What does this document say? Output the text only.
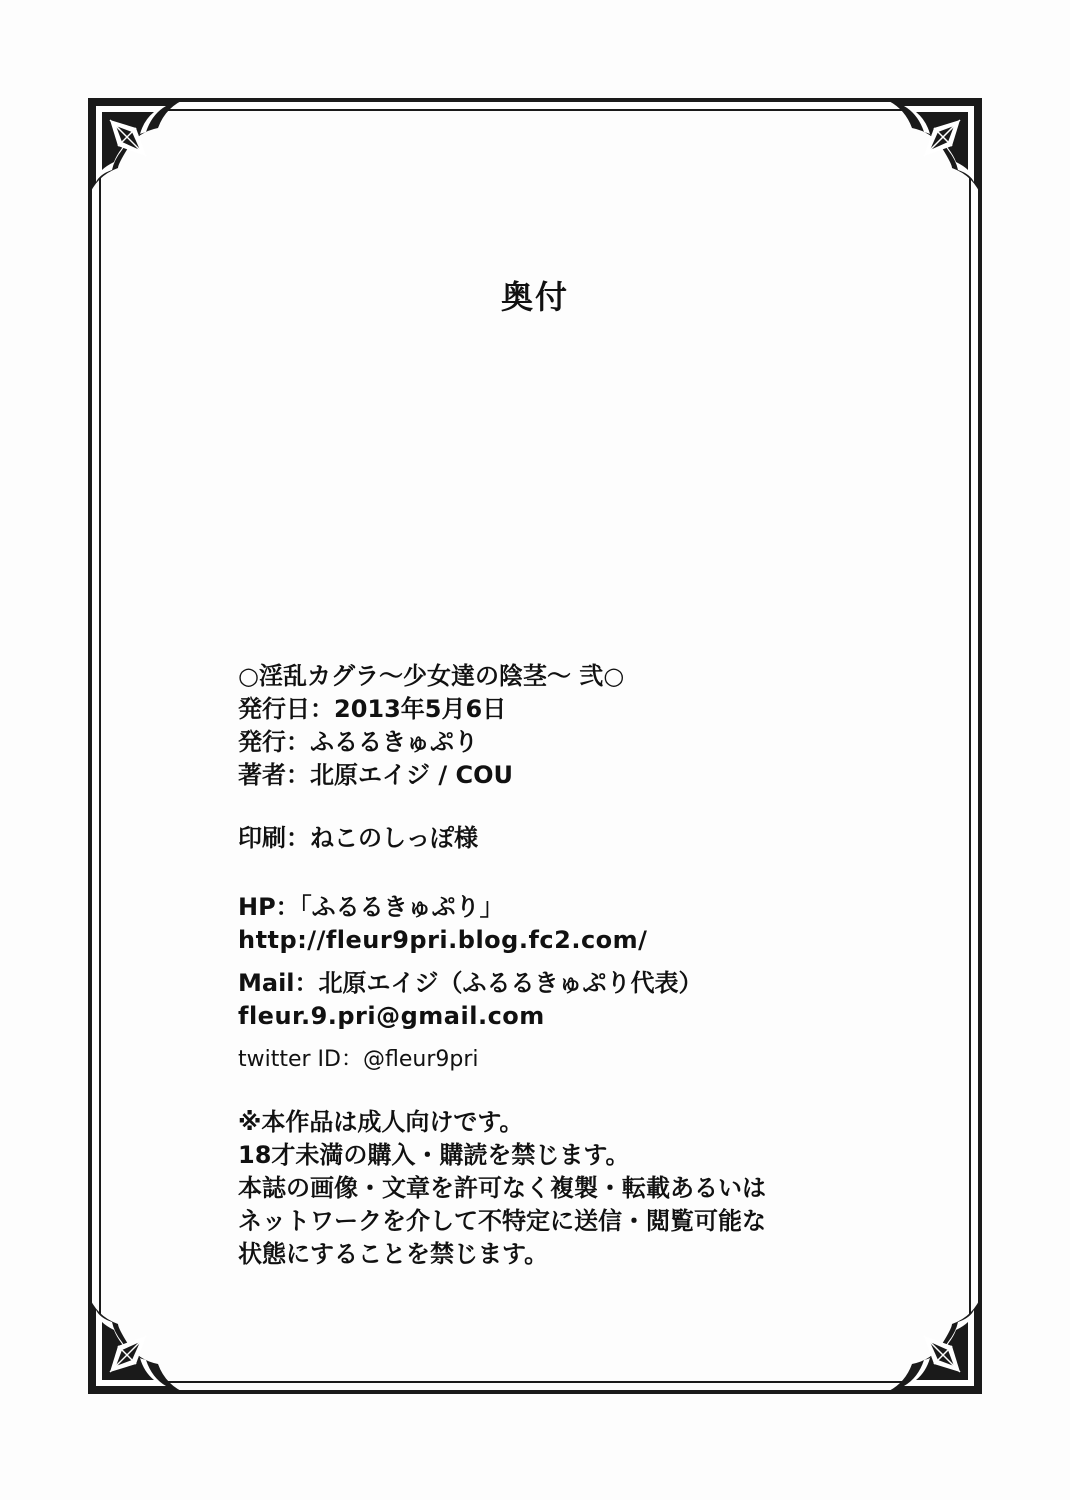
奥付
○淫乱カグラ～少女達の陰茎～ 弐○
発行日：2013年5月6日
発行：ふるるきゅぷり
著者：北原エイジ / COU
印刷：ねこのしっぽ様
HP：「ふるるきゅぷり」
http://fleur9pri.blog.fc2.com/
Mail：北原エイジ（ふるるきゅぷり代表）
fleur.9.pri@gmail.com
twitter ID：@fleur9pri
※本作品は成人向けです。
18才未満の購入・購読を禁じます。
本誌の画像・文章を許可なく複製・転載あるいは
ネットワークを介して不特定に送信・閲覧可能な
状態にすることを禁じます。
